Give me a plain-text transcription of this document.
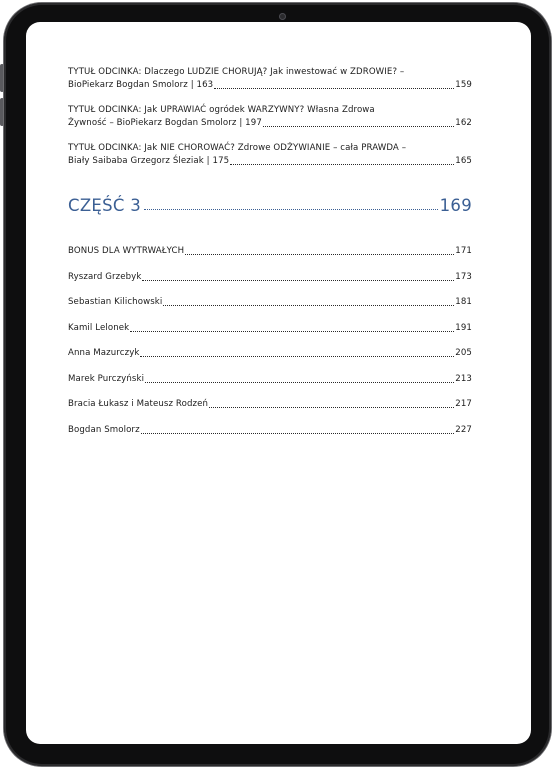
TYTUŁ ODCINKA: Dlaczego LUDZIE CHORUJĄ? Jak inwestować w ZDROWIE? –
BioPiekarz Bogdan Smolorz | 163	159
TYTUŁ ODCINKA: Jak UPRAWIAĆ ogródek WARZYWNY? Własna Zdrowa
Żywność – BioPiekarz Bogdan Smolorz | 197	162
TYTUŁ ODCINKA: Jak NIE CHOROWAĆ? Zdrowe ODŻYWIANIE – cała PRAWDA –
Biały Saibaba Grzegorz Śleziak | 175	165
CZĘŚĆ 3	169
BONUS DLA WYTRWAŁYCH	171
Ryszard Grzebyk	173
Sebastian Kilichowski	181
Kamil Lelonek	191
Anna Mazurczyk	205
Marek Purczyński	213
Bracia Łukasz i Mateusz Rodzeń	217
Bogdan Smolorz	227
